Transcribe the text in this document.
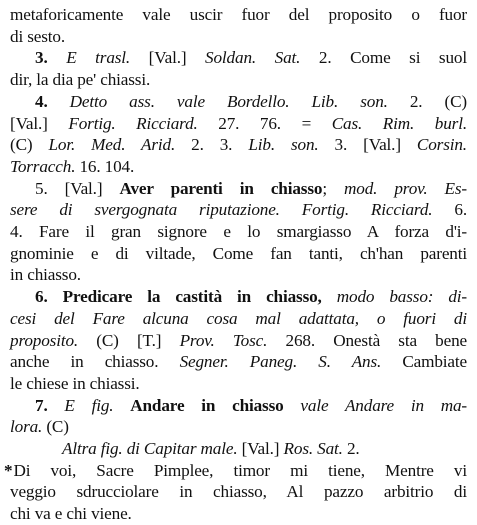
metaforicamente vale uscir fuor del proposito o fuor
di sesto.
3. E trasl. [Val.] Soldan. Sat. 2. Come si suol
dir, la dia pe' chiassi.
4. Detto ass. vale Bordello. Lib. son. 2. (C)
[Val.] Fortig. Ricciard. 27. 76. = Cas. Rim. burl.
(C) Lor. Med. Arid. 2. 3. Lib. son. 3. [Val.] Corsin.
Torracch. 16. 104.
5. [Val.] Aver parenti in chiasso; mod. prov. Es-
sere di svergognata riputazione. Fortig. Ricciard. 6.
4. Fare il gran signore e lo smargiasso A forza d'i-
gnominie e di viltade, Come fan tanti, ch'han parenti
in chiasso.
6. Predicare la castità in chiasso, modo basso: di-
cesi del Fare alcuna cosa mal adattata, o fuori di
proposito. (C) [T.] Prov. Tosc. 268. Onestà sta bene
anche in chiasso. Segner. Paneg. S. Ans. Cambiate
le chiese in chiassi.
7. E fig. Andare in chiasso vale Andare in ma-
lora. (C)
Altra fig. di Capitar male. [Val.] Ros. Sat. 2.
*Di voi, Sacre Pimplee, timor mi tiene, Mentre vi
veggio sdrucciolare in chiasso, Al pazzo arbitrio di
chi va e chi viene.
